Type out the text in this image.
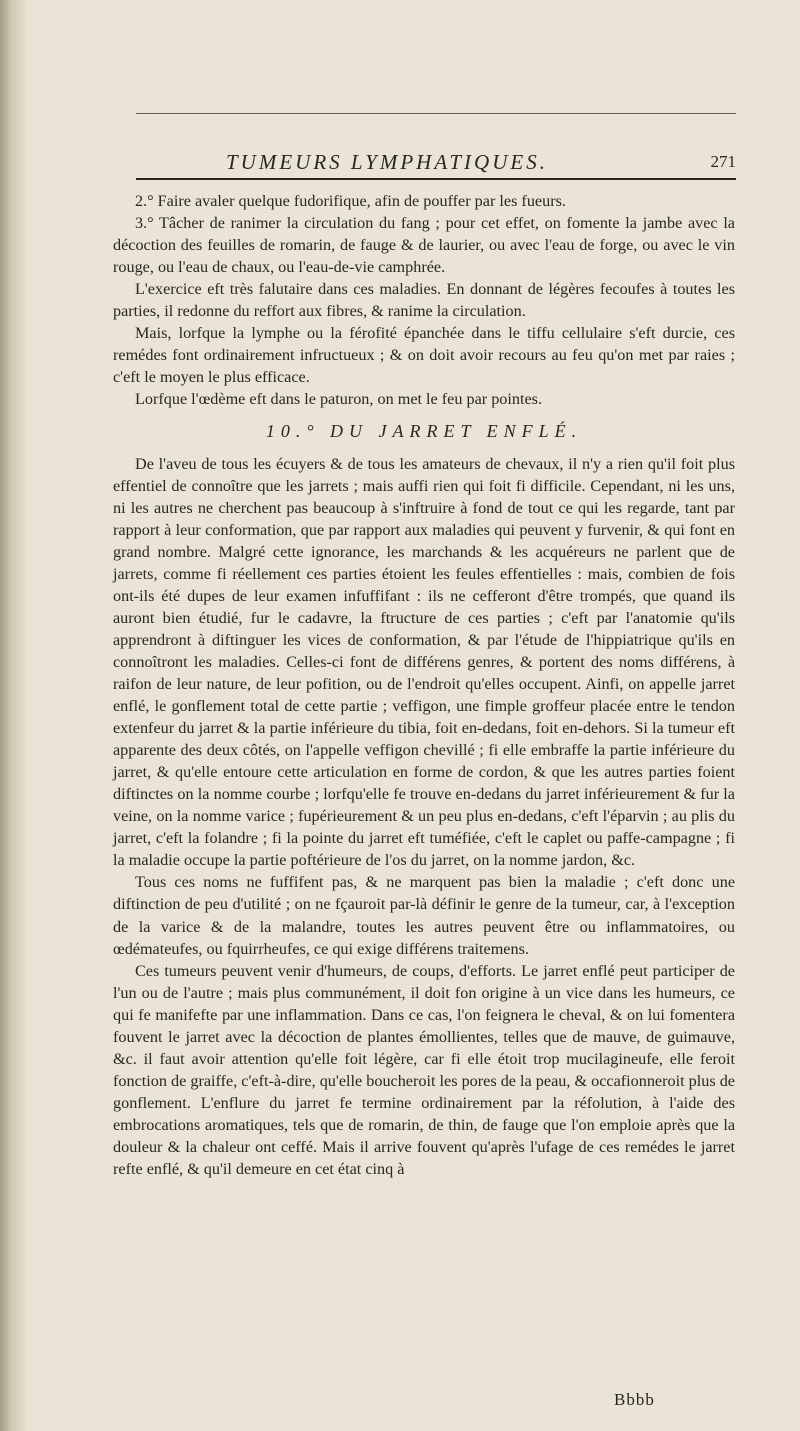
TUMEURS LYMPHATIQUES.	271

2.° Faire avaler quelque fudorifique, afin de pouffer par les fueurs.

3.° Tâcher de ranimer la circulation du fang ; pour cet effet, on fomente la jambe avec la décoction des feuilles de romarin, de fauge & de laurier, ou avec l'eau de forge, ou avec le vin rouge, ou l'eau de chaux, ou l'eau-de-vie camphrée.

L'exercice eft très falutaire dans ces maladies. En donnant de légères fecoufes à toutes les parties, il redonne du reffort aux fibres, & ranime la circulation.

Mais, lorfque la lymphe ou la férofité épanchée dans le tiffu cellulaire s'eft durcie, ces remédes font ordinairement infructueux ; & on doit avoir recours au feu qu'on met par raies ; c'eft le moyen le plus efficace.

Lorfque l'œdème eft dans le paturon, on met le feu par pointes.

10.° DU JARRET ENFLÉ.

De l'aveu de tous les écuyers & de tous les amateurs de chevaux, il n'y a rien qu'il foit plus effentiel de connoître que les jarrets ; mais auffi rien qui foit fi difficile. Cependant, ni les uns, ni les autres ne cherchent pas beaucoup à s'inftruire à fond de tout ce qui les regarde, tant par rapport à leur conformation, que par rapport aux maladies qui peuvent y furvenir, & qui font en grand nombre. Malgré cette ignorance, les marchands & les acquéreurs ne parlent que de jarrets, comme fi réellement ces parties étoient les feules effentielles : mais, combien de fois ont-ils été dupes de leur examen infuffifant : ils ne cefferont d'être trompés, que quand ils auront bien étudié, fur le cadavre, la ftructure de ces parties ; c'eft par l'anatomie qu'ils apprendront à diftinguer les vices de conformation, & par l'étude de l'hippiatrique qu'ils en connoîtront les maladies. Celles-ci font de différens genres, & portent des noms différens, à raifon de leur nature, de leur pofition, ou de l'endroit qu'elles occupent. Ainfi, on appelle jarret enflé, le gonflement total de cette partie ; veffigon, une fimple groffeur placée entre le tendon extenfeur du jarret & la partie inférieure du tibia, foit en-dedans, foit en-dehors. Si la tumeur eft apparente des deux côtés, on l'appelle veffigon chevillé ; fi elle embraffe la partie inférieure du jarret, & qu'elle entoure cette articulation en forme de cordon, & que les autres parties foient diftinctes on la nomme courbe ; lorfqu'elle fe trouve en-dedans du jarret inférieurement & fur la veine, on la nomme varice ; fupérieurement & un peu plus en-dedans, c'eft l'éparvin ; au plis du jarret, c'eft la folandre ; fi la pointe du jarret eft tuméfiée, c'eft le caplet ou paffe-campagne ; fi la maladie occupe la partie poftérieure de l'os du jarret, on la nomme jardon, &c.

Tous ces noms ne fuffifent pas, & ne marquent pas bien la maladie ; c'eft donc une diftinction de peu d'utilité ; on ne fçauroit par-là définir le genre de la tumeur, car, à l'exception de la varice & de la malandre, toutes les autres peuvent être ou inflammatoires, ou œdémateufes, ou fquirrheufes, ce qui exige différens traitemens.

Ces tumeurs peuvent venir d'humeurs, de coups, d'efforts. Le jarret enflé peut participer de l'un ou de l'autre ; mais plus communément, il doit fon origine à un vice dans les humeurs, ce qui fe manifefte par une inflammation. Dans ce cas, l'on feignera le cheval, & on lui fomentera fouvent le jarret avec la décoction de plantes émollientes, telles que de mauve, de guimauve, &c. il faut avoir attention qu'elle foit légère, car fi elle étoit trop mucilagineufe, elle feroit fonction de graiffe, c'eft-à-dire, qu'elle boucheroit les pores de la peau, & occafionneroit plus de gonflement. L'enflure du jarret fe termine ordinairement par la réfolution, à l'aide des embrocations aromatiques, tels que de romarin, de thin, de fauge que l'on emploie après que la douleur & la chaleur ont ceffé. Mais il arrive fouvent qu'après l'ufage de ces remédes le jarret refte enflé, & qu'il demeure en cet état cinq à

Bbbb
